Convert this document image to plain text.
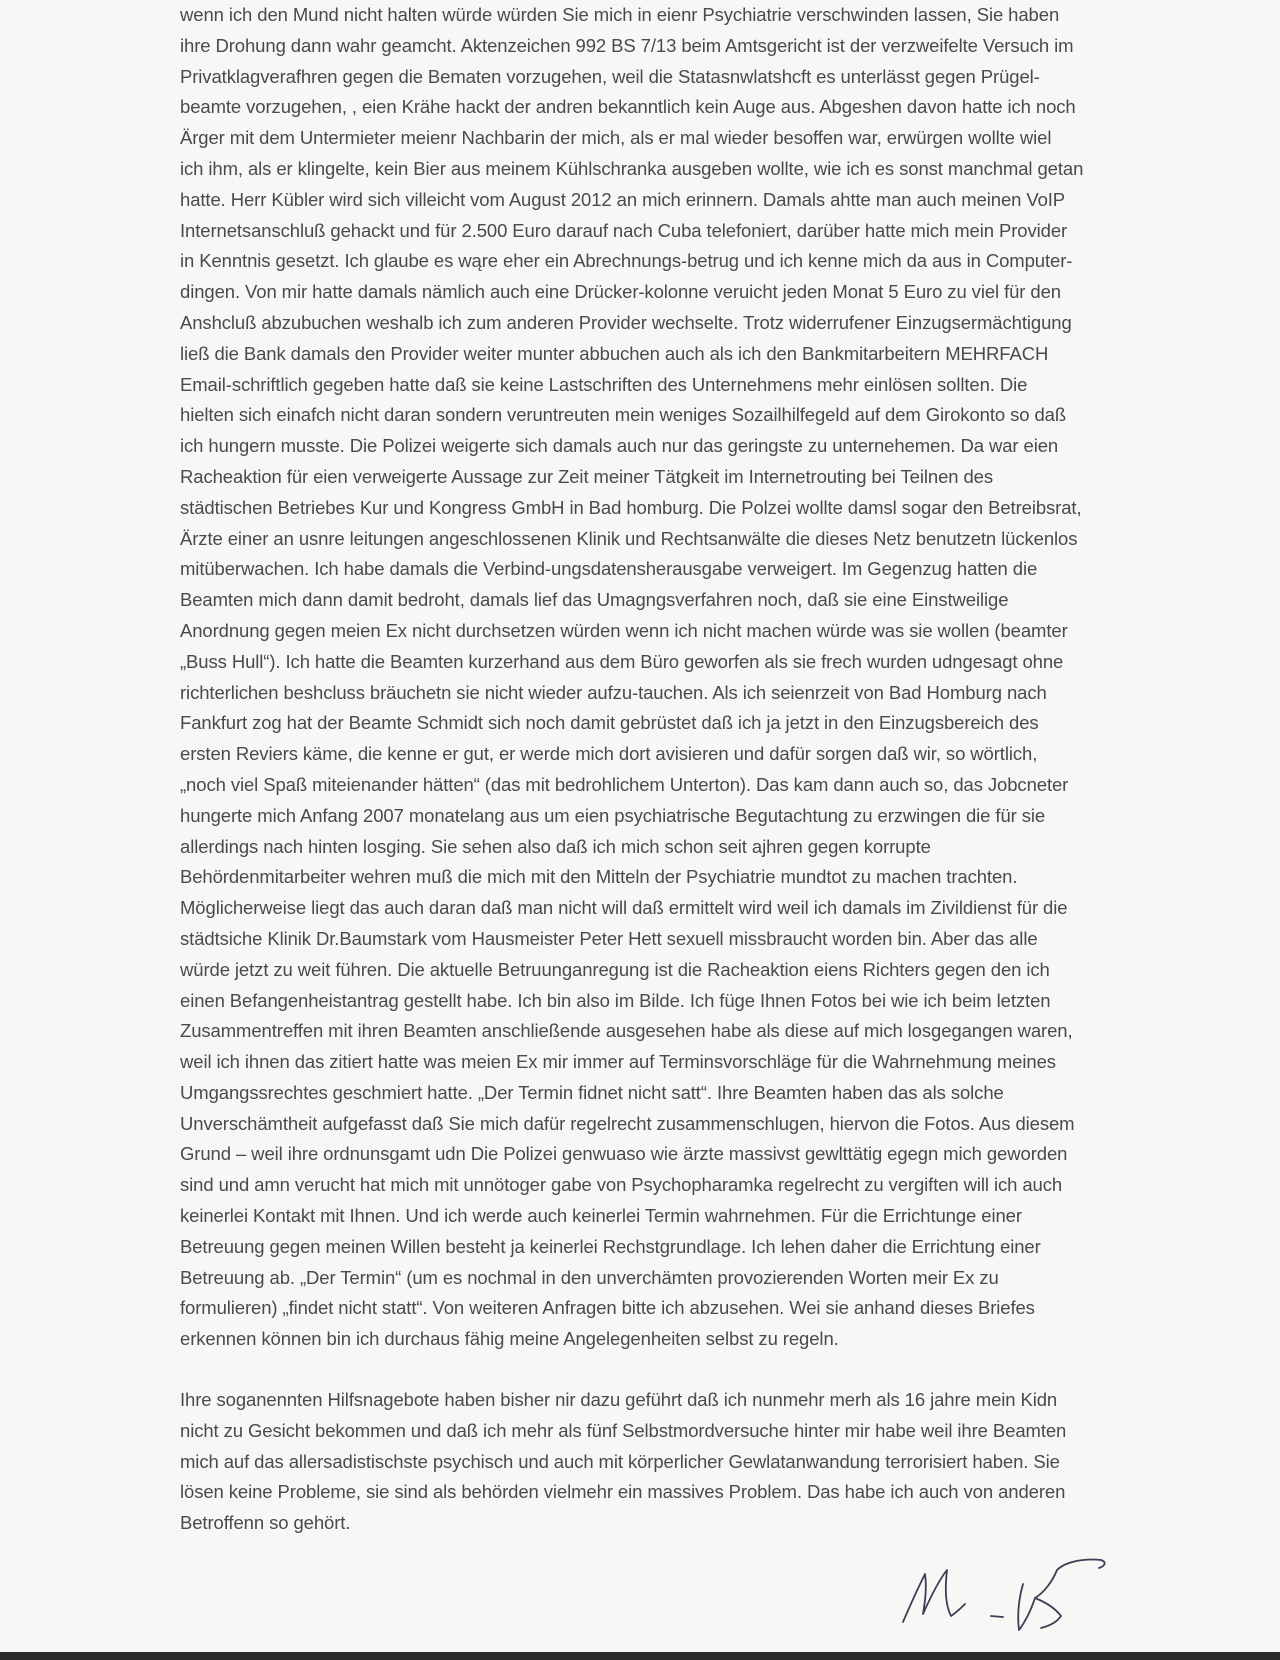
wenn ich den Mund nicht halten würde würden Sie mich in eienr Psychiatrie verschwinden lassen, Sie haben
ihre Drohung dann wahr geamcht. Aktenzeichen 992 BS 7/13 beim Amtsgericht ist der verzweifelte Versuch im
Privatklagverafhren gegen die Bematen vorzugehen, weil die Statasnwlatshcft es unterlässt gegen Prügel-
beamte vorzugehen, , eien Krähe hackt der andren bekanntlich kein Auge aus. Abgeshen davon hatte ich noch
Ärger mit dem Untermieter meienr Nachbarin der mich, als er mal wieder besoffen war, erwürgen wollte wiel
ich ihm, als er klingelte, kein Bier aus meinem Kühlschranka ausgeben wollte, wie ich es sonst manchmal getan
hatte. Herr Kübler wird sich villeicht vom August 2012 an mich erinnern. Damals ahtte man auch meinen VoIP
Internetsanschluß gehackt und für 2.500 Euro darauf nach Cuba telefoniert, darüber hatte mich mein Provider
in Kenntnis gesetzt. Ich glaube es wa͏̨re eher ein Abrechnungs-betrug und ich kenne mich da aus in Computer-
dingen. Von mir hatte damals nämlich auch eine Drücker-kolonne veruicht jeden Monat 5 Euro zu viel für den
Anshcluß abzubuchen weshalb ich zum anderen Provider wechselte. Trotz widerrufener Einzugsermächtigung
ließ die Bank damals den Provider weiter munter abbuchen auch als ich den Bankmitarbeitern MEHRFACH
Email-schriftlich gegeben hatte daß sie keine Lastschriften des Unternehmens mehr einlösen sollten. Die
hielten sich einafch nicht daran sondern veruntreuten mein weniges Sozailhilfegeld auf dem Girokonto so daß
ich hungern musste. Die Polizei weigerte sich damals auch nur das geringste zu unternehemen. Da war eien
Racheaktion für eien verweigerte Aussage zur Zeit meiner Tätgkeit im Internetrouting bei Teilnen des
städtischen Betriebes Kur und Kongress GmbH in Bad homburg. Die Polzei wollte damsl sogar den Betreibsrat,
Ärzte einer an usnre leitungen angeschlossenen Klinik und Rechtsanwälte die dieses Netz benutzetn lückenlos
mitüberwachen. Ich habe damals die Verbind-ungsdatensherausgabe verweigert. Im Gegenzug hatten die
Beamten mich dann damit bedroht, damals lief das Umagngsverfahren noch, daß sie eine Einstweilige
Anordnung gegen meien Ex nicht durchsetzen würden wenn ich nicht machen würde was sie wollen (beamter
„Buss Hull“). Ich hatte die Beamten kurzerhand aus dem Büro geworfen als sie frech wurden udngesagt ohne
richterlichen beshcluss bräuchetn sie nicht wieder aufzu-tauchen. Als ich seienrzeit von Bad Homburg nach
Fankfurt zog hat der Beamte Schmidt sich noch damit gebrüstet daß ich ja jetzt in den Einzugsbereich des
ersten Reviers käme, die kenne er gut, er werde mich dort avisieren und dafür sorgen daß wir, so wörtlich,
„noch viel Spaß miteienander hätten“ (das mit bedrohlichem Unterton). Das kam dann auch so, das Jobcneter
hungerte mich Anfang 2007 monatelang aus um eien psychiatrische Begutachtung zu erzwingen die für sie
allerdings nach hinten losging. Sie sehen also daß ich mich schon seit ajhren gegen korrupte
Behördenmitarbeiter wehren muß die mich mit den Mitteln der Psychiatrie mundtot zu machen trachten.
Möglicherweise liegt das auch daran daß man nicht will daß ermittelt wird weil ich damals im Zivildienst für die
städtsiche Klinik Dr.Baumstark vom Hausmeister Peter Hett sexuell missbraucht worden bin. Aber das alle
würde jetzt zu weit führen. Die aktuelle Betruunganregung ist die Racheaktion eiens Richters gegen den ich
einen Befangenheistantrag gestellt habe. Ich bin also im Bilde. Ich füge Ihnen Fotos bei wie ich beim letzten
Zusammentreffen mit ihren Beamten anschließende ausgesehen habe als diese auf mich losgegangen waren,
weil ich ihnen das zitiert hatte was meien Ex mir immer auf Terminsvorschläge für die Wahrnehmung meines
Umgangssrechtes geschmiert hatte. „Der Termin fidnet nicht satt“. Ihre Beamten haben das als solche
Unverschämtheit aufgefasst daß Sie mich dafür regelrecht zusammenschlugen, hiervon die Fotos. Aus diesem
Grund – weil ihre ordnunsgamt udn Die Polizei genwuaso wie ärzte massivst gewlttätig egegn mich geworden
sind und amn verucht hat mich mit unnötoger gabe von Psychopharamka regelrecht zu vergiften will ich auch
keinerlei Kontakt mit Ihnen. Und ich werde auch keinerlei Termin wahrnehmen. Für die Errichtunge einer
Betreuung gegen meinen Willen besteht ja keinerlei Rechstgrundlage. Ich lehen daher die Errichtung einer
Betreuung ab. „Der Termin“ (um es nochmal in den unverchämten provozierenden Worten meir Ex zu
formulieren) „findet nicht statt“. Von weiteren Anfragen bitte ich abzusehen. Wei sie anhand dieses Briefes
erkennen können bin ich durchaus fähig meine Angelegenheiten selbst zu regeln.
Ihre soganennten Hilfsnagebote haben bisher nir dazu geführt daß ich nunmehr merh als 16 jahre mein Kidn
nicht zu Gesicht bekommen und daß ich mehr als fünf Selbstmordversuche hinter mir habe weil ihre Beamten
mich auf das allersadistischste psychisch und auch mit körperlicher Gewlatanwandung terrorisiert haben. Sie
lösen keine Probleme, sie sind als behörden vielmehr ein massives Problem. Das habe ich auch von anderen
Betroffenn so gehört.
